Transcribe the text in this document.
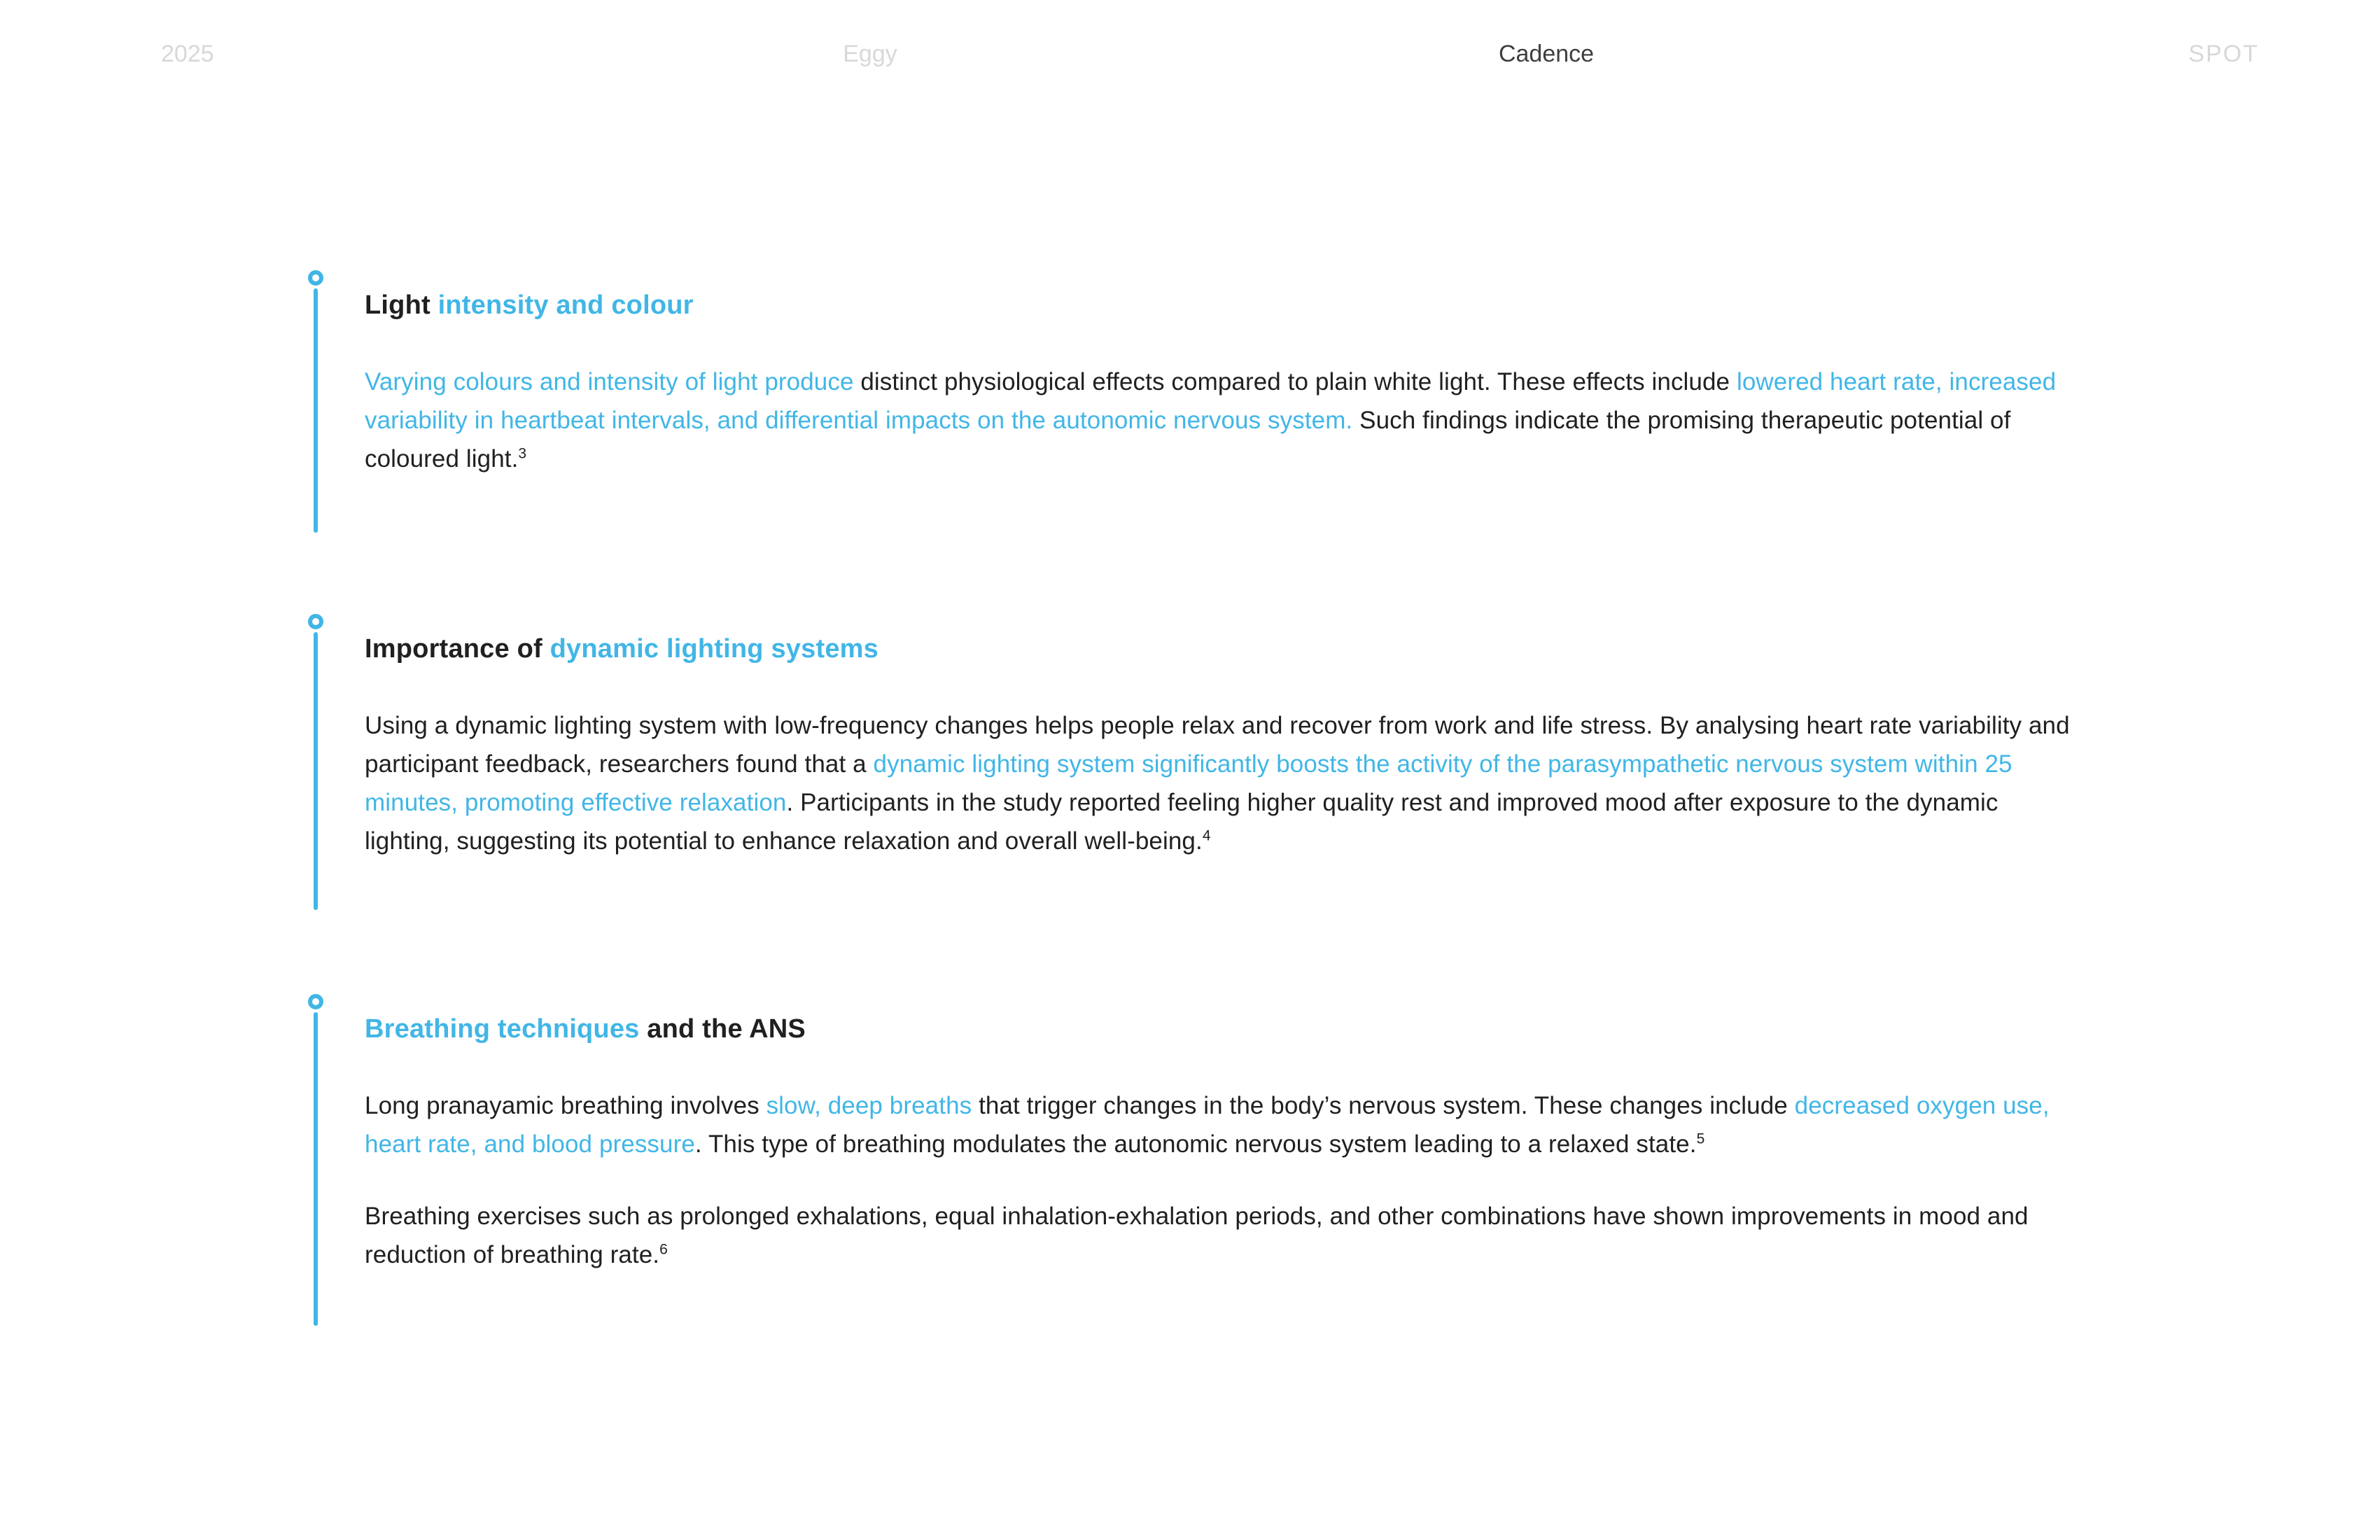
2025	Eggy	Cadence	SPOT
Light intensity and colour

Varying colours and intensity of light produce distinct physiological effects compared to plain white light. These effects include lowered heart rate, increased variability in heartbeat intervals, and differential impacts on the autonomic nervous system. Such findings indicate the promising therapeutic potential of coloured light.$^3$

Importance of dynamic lighting systems

Using a dynamic lighting system with low-frequency changes helps people relax and recover from work and life stress. By analysing heart rate variability and participant feedback, researchers found that a dynamic lighting system significantly boosts the activity of the parasympathetic nervous system within 25 minutes, promoting effective relaxation. Participants in the study reported feeling higher quality rest and improved mood after exposure to the dynamic lighting, suggesting its potential to enhance relaxation and overall well-being.$^4$

Breathing techniques and the ANS

Long pranayamic breathing involves slow, deep breaths that trigger changes in the body’s nervous system. These changes include decreased oxygen use, heart rate, and blood pressure. This type of breathing modulates the autonomic nervous system leading to a relaxed state.$^5$

Breathing exercises such as prolonged exhalations, equal inhalation-exhalation periods, and other combinations have shown improvements in mood and reduction of breathing rate.$^6$
